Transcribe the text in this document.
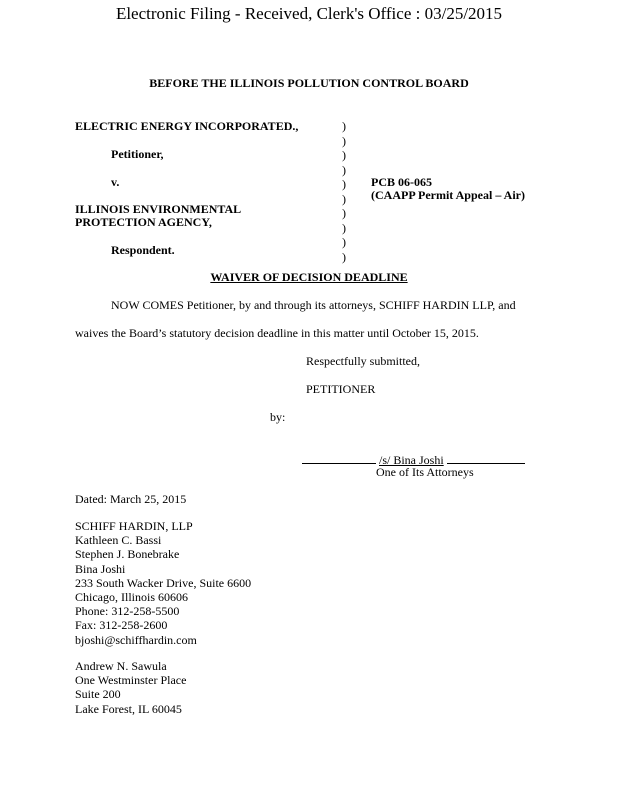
Electronic Filing - Received, Clerk's Office : 03/25/2015
BEFORE THE ILLINOIS POLLUTION CONTROL BOARD
ELECTRIC ENERGY INCORPORATED.,
Petitioner,
v.
ILLINOIS ENVIRONMENTAL
PROTECTION AGENCY,
Respondent.
)
)
)
)
)
)
)
)
)
)
PCB 06-065
(CAAPP Permit Appeal – Air)
WAIVER OF DECISION DEADLINE
NOW COMES Petitioner, by and through its attorneys, SCHIFF HARDIN LLP, and
waives the Board’s statutory decision deadline in this matter until October 15, 2015.
Respectfully submitted,
PETITIONER
by:
/s/ Bina Joshi
One of Its Attorneys
Dated: March 25, 2015
SCHIFF HARDIN, LLP
Kathleen C. Bassi
Stephen J. Bonebrake
Bina Joshi
233 South Wacker Drive, Suite 6600
Chicago, Illinois 60606
Phone: 312-258-5500
Fax: 312-258-2600
bjoshi@schiffhardin.com
Andrew N. Sawula
One Westminster Place
Suite 200
Lake Forest, IL 60045
